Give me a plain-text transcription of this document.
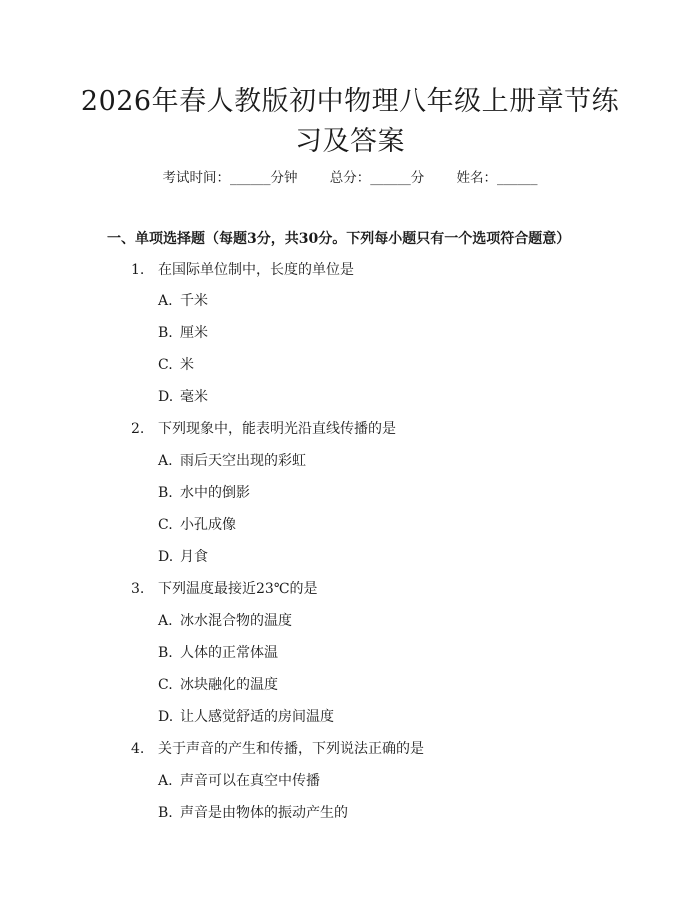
2026年春人教版初中物理八年级上册章节练
习及答案
考试时间：______分钟 总分：______分 姓名：______
一、单项选择题（每题3分，共30分。下列每小题只有一个选项符合题意）
1. 在国际单位制中，长度的单位是
A. 千米
B. 厘米
C. 米
D. 毫米
2. 下列现象中，能表明光沿直线传播的是
A. 雨后天空出现的彩虹
B. 水中的倒影
C. 小孔成像
D. 月食
3. 下列温度最接近23℃的是
A. 冰水混合物的温度
B. 人体的正常体温
C. 冰块融化的温度
D. 让人感觉舒适的房间温度
4. 关于声音的产生和传播，下列说法正确的是
A. 声音可以在真空中传播
B. 声音是由物体的振动产生的
